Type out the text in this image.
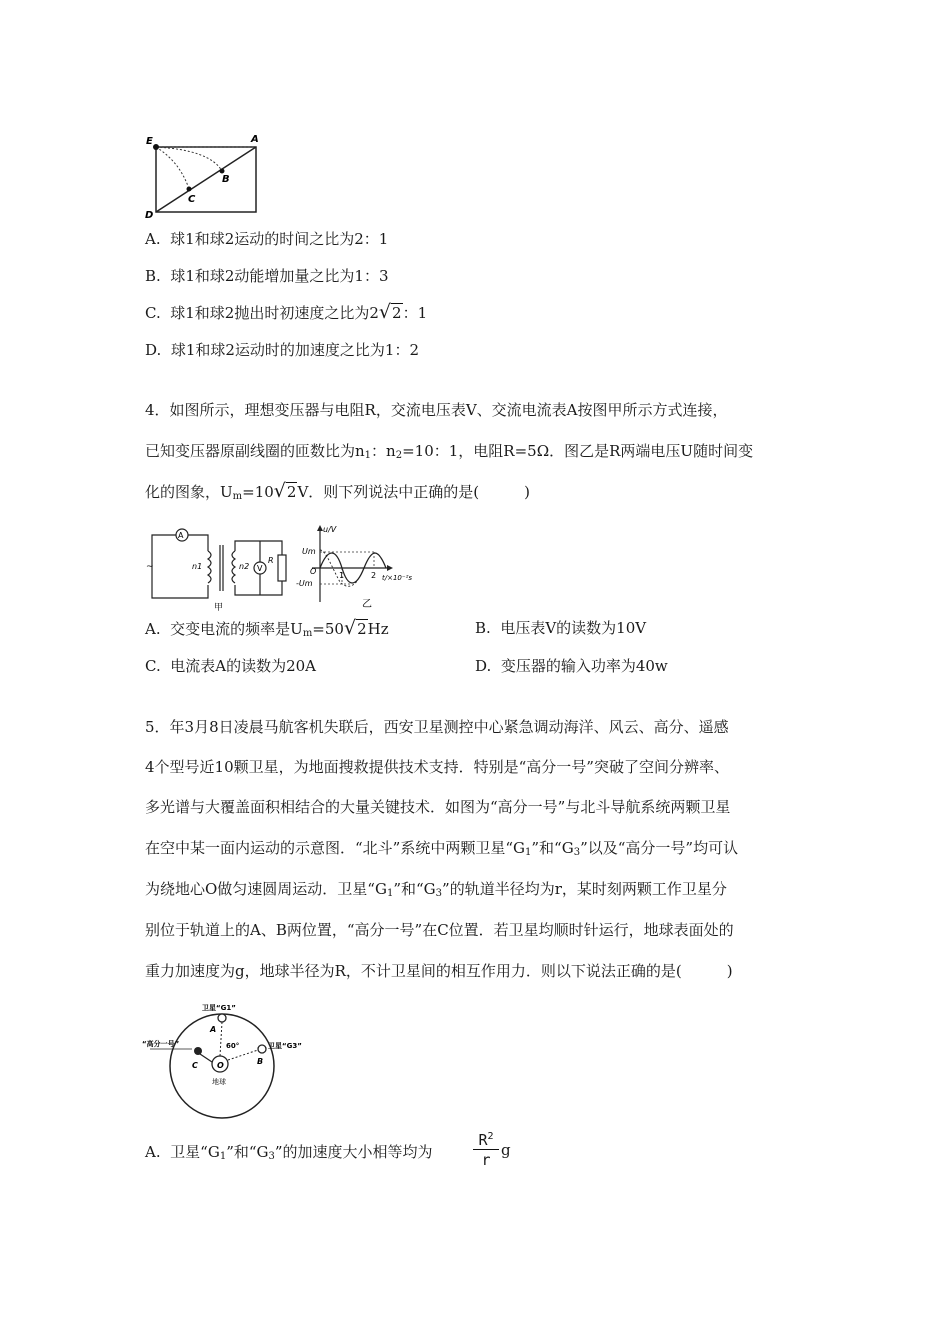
E	A
B
C
D
A. 球1和球2运动的时间之比为2：1
B. 球1和球2动能增加量之比为1：3
C. 球1和球2抛出时初速度之比为2√2：1
D. 球1和球2运动时的加速度之比为1：2
4．如图所示，理想变压器与电阻R，交流电压表V、交流电流表A按图甲所示方式连接，
已知变压器原副线圈的匝数比为$n_1$：$n_2=10$：1，电阻R=5Ω．图乙是R两端电压U随时间变
化的图象，$U_m=10√2V$．则下列说法中正确的是(　　　)
~
A
n1	n2 V
R
甲
u/V
Um
O
-Um
1	2 t/×10⁻²s
乙
A. 交变电流的频率是$U_m=50√2Hz$	B. 电压表V的读数为10V
C. 电流表A的读数为20A	D. 变压器的输入功率为40w
5．年3月8日凌晨马航客机失联后，西安卫星测控中心紧急调动海洋、风云、高分、遥感
4个型号近10颗卫星，为地面搜救提供技术支持．特别是“高分一号”突破了空间分辨率、
多光谱与大覆盖面积相结合的大量关键技术．如图为“高分一号”与北斗导航系统两颗卫星
在空中某一面内运动的示意图．“北斗”系统中两颗卫星“$G_1$”和“$G_3$”以及“高分一号”均可认
为绕地心O做匀速圆周运动．卫星“$G_1$”和“$G_3$”的轨道半径均为r，某时刻两颗工作卫星分
别位于轨道上的A、B两位置，“高分一号”在C位置．若卫星均顺时针运行，地球表面处的
重力加速度为g，地球半径为R，不计卫星间的相互作用力．则以下说法正确的是(　　　)
O
地球
卫星“G1”
A
“高分一号”	60°	卫星“G3”
C	B
A. 卫星“$G_1$”和“$G_3$”的加速度大小相等均为
$R^2$
r
g
